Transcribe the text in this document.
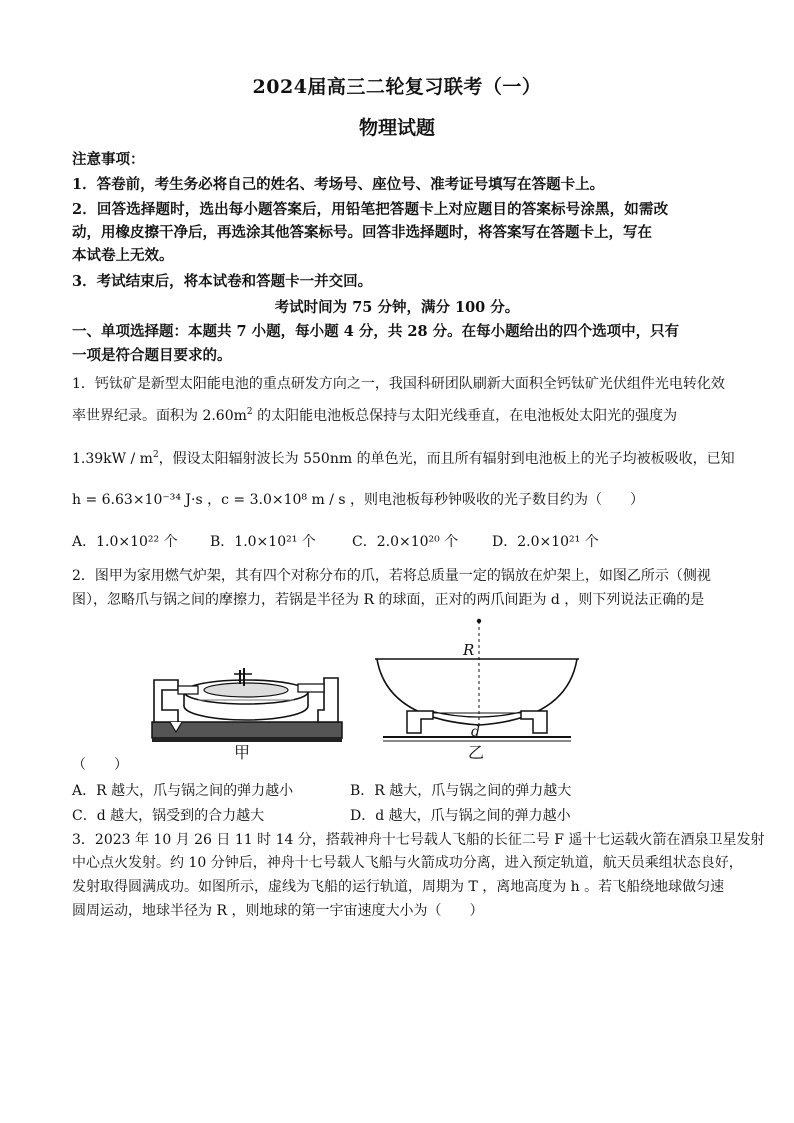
2024届高三二轮复习联考（一）
物理试题
注意事项：
1．答卷前，考生务必将自己的姓名、考场号、座位号、准考证号填写在答题卡上。
2．回答选择题时，选出每小题答案后，用铅笔把答题卡上对应题目的答案标号涂黑，如需改
动，用橡皮擦干净后，再选涂其他答案标号。回答非选择题时，将答案写在答题卡上，写在
本试卷上无效。
3．考试结束后，将本试卷和答题卡一并交回。
考试时间为 75 分钟，满分 100 分。
一、单项选择题：本题共 7 小题，每小题 4 分，共 28 分。在每小题给出的四个选项中，只有
一项是符合题目要求的。
1．钙钛矿是新型太阳能电池的重点研发方向之一，我国科研团队刷新大面积全钙钛矿光伏组件光电转化效
率世界纪录。面积为 $2.60m^2$ 的太阳能电池板总保持与太阳光线垂直，在电池板处太阳光的强度为
$1.39kW / m^2$，假设太阳辐射波长为 550nm 的单色光，而且所有辐射到电池板上的光子均被板吸收，已知
h = 6.63×10⁻³⁴ J·s ，c = 3.0×10⁸ m / s ，则电池板每秒钟吸收的光子数目约为（　　）
A．1.0×10²² 个 B．1.0×10²¹ 个	C．2.0×10²⁰ 个 D．2.0×10²¹ 个
2．图甲为家用燃气炉架，其有四个对称分布的爪，若将总质量一定的锅放在炉架上，如图乙所示（侧视
图），忽略爪与锅之间的摩擦力，若锅是半径为 R 的球面，正对的两爪间距为 d ，则下列说法正确的是
甲
R
d
乙
（　　）
A．R 越大，爪与锅之间的弹力越小	B．R 越大，爪与锅之间的弹力越大
C．d 越大，锅受到的合力越大	D．d 越大，爪与锅之间的弹力越小
3．2023 年 10 月 26 日 11 时 14 分，搭载神舟十七号载人飞船的长征二号 F 遥十七运载火箭在酒泉卫星发射
中心点火发射。约 10 分钟后，神舟十七号载人飞船与火箭成功分离，进入预定轨道，航天员乘组状态良好，
发射取得圆满成功。如图所示，虚线为飞船的运行轨道，周期为 T ，离地高度为 h 。若飞船绕地球做匀速
圆周运动，地球半径为 R ，则地球的第一宇宙速度大小为（　　）
